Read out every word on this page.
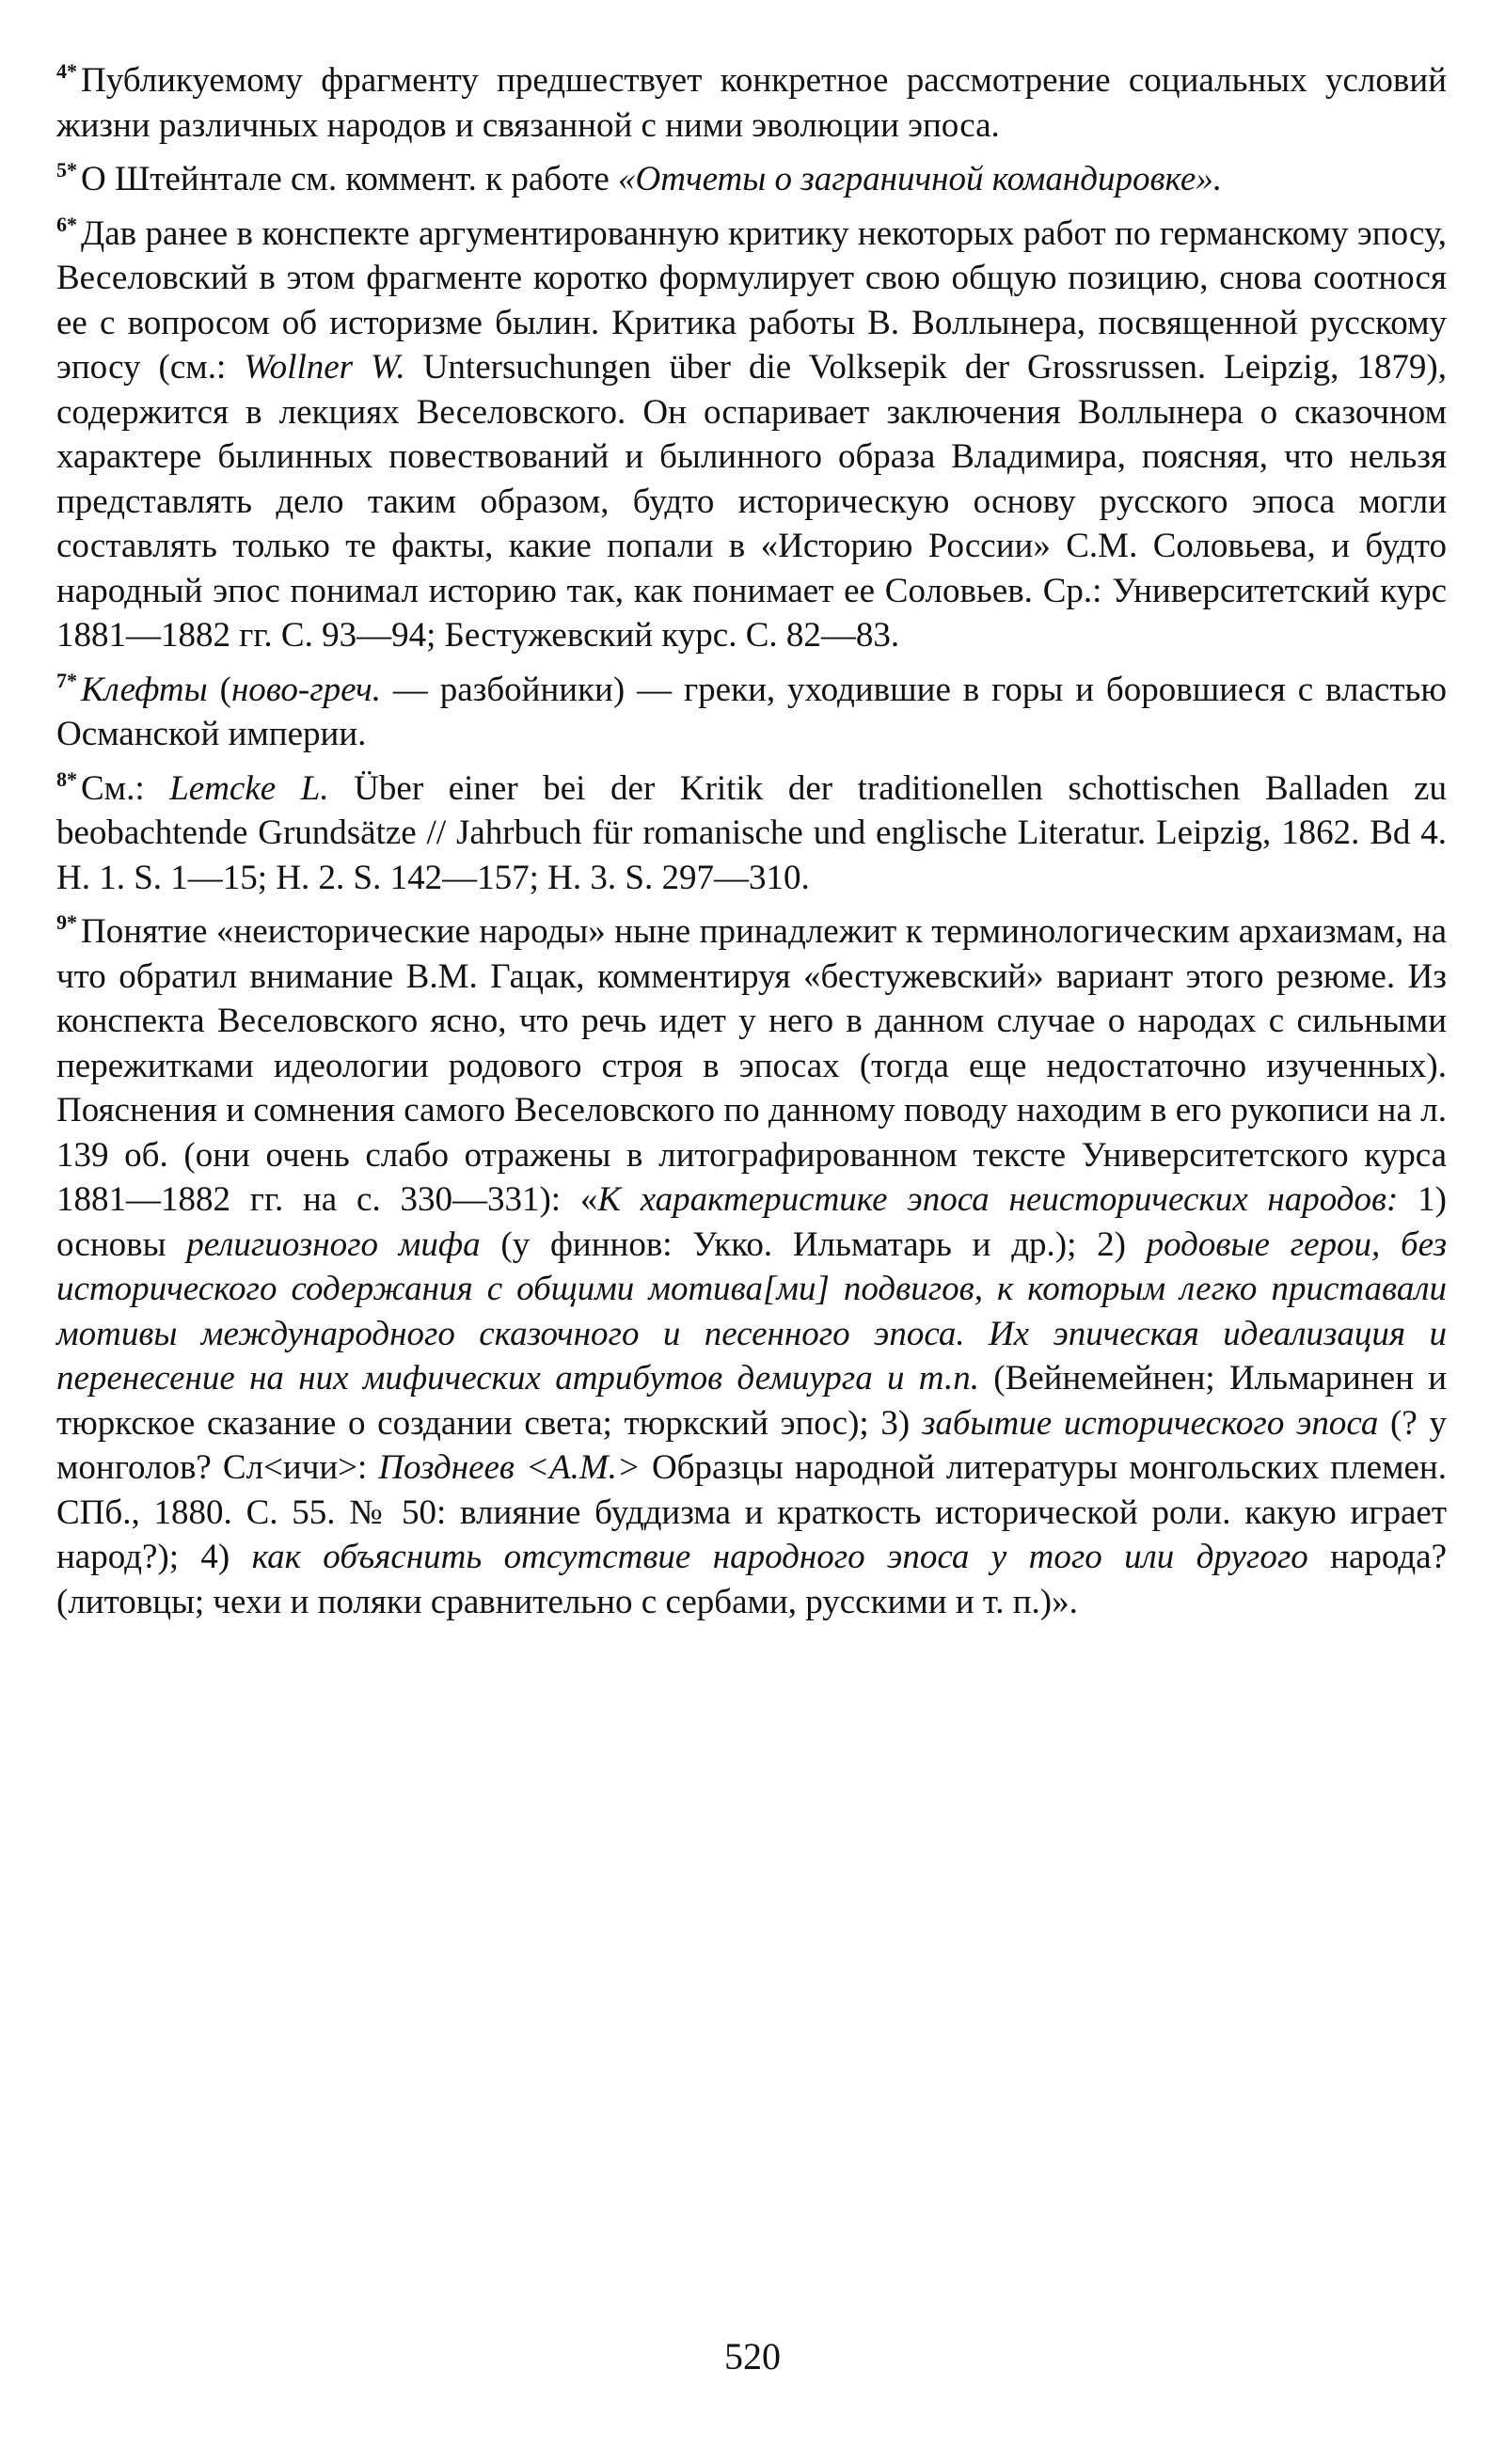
$^{4*}$ Публикуемому фрагменту предшествует конкретное рассмотрение социальных условий жизни различных народов и связанной с ними эволюции эпоса.

$^{5*}$ О Штейнтале см. коммент. к работе «Отчеты о заграничной командировке».

$^{6*}$ Дав ранее в конспекте аргументированную критику некоторых работ по германскому эпосу, Веселовский в этом фрагменте коротко формулирует свою общую позицию, снова соотнося ее с вопросом об историзме былин. Критика работы В. Воллынера, посвященной русскому эпосу (см.: Wollner W. Untersuchungen über die Volksepik der Grossrussen. Leipzig, 1879), содержится в лекциях Веселовского. Он оспаривает заключения Воллынера о сказочном характере былинных повествований и былинного образа Владимира, поясняя, что нельзя представлять дело таким образом, будто историческую основу русского эпоса могли составлять только те факты, какие попали в «Историю России» С.М. Соловьева, и будто народный эпос понимал историю так, как понимает ее Соловьев. Ср.: Университетский курс 1881—1882 гг. С. 93—94; Бестужевский курс. С. 82—83.

$^{7*}$ Клефты (ново-греч. — разбойники) — греки, уходившие в горы и боровшиеся с властью Османской империи.

$^{8*}$ См.: Lemcke L. Über einer bei der Kritik der traditionellen schottischen Balladen zu beobachtende Grundsätze // Jahrbuch für romanische und englische Literatur. Leipzig, 1862. Bd 4. H. 1. S. 1—15; H. 2. S. 142—157; H. 3. S. 297—310.

$^{9*}$ Понятие «неисторические народы» ныне принадлежит к терминологическим архаизмам, на что обратил внимание В.М. Гацак, комментируя «бестужевский» вариант этого резюме. Из конспекта Веселовского ясно, что речь идет у него в данном случае о народах с сильными пережитками идеологии родового строя в эпосах (тогда еще недостаточно изученных). Пояснения и сомнения самого Веселовского по данному поводу находим в его рукописи на л. 139 об. (они очень слабо отражены в литографированном тексте Университетского курса 1881—1882 гг. на с. 330—331): «К характеристике эпоса неисторических народов: 1) основы религиозного мифа (у финнов: Укко. Ильматарь и др.); 2) родовые герои, без исторического содержания с общими мотива[ми] подвигов, к которым легко приставали мотивы международного сказочного и песенного эпоса. Их эпическая идеализация и перенесение на них мифических атрибутов демиурга и т.п. (Вейнемейнен; Ильмаринен и тюркское сказание о создании света; тюркский эпос); 3) забытие исторического эпоса (? у монголов? Сл<ичи>: Позднеев <А.М.> Образцы народной литературы монгольских племен. СПб., 1880. С. 55. № 50: влияние буддизма и краткость исторической роли. какую играет народ?); 4) как объяснить отсутствие народного эпоса у того или другого народа? (литовцы; чехи и поляки сравнительно с сербами, русскими и т. п.)».

520
